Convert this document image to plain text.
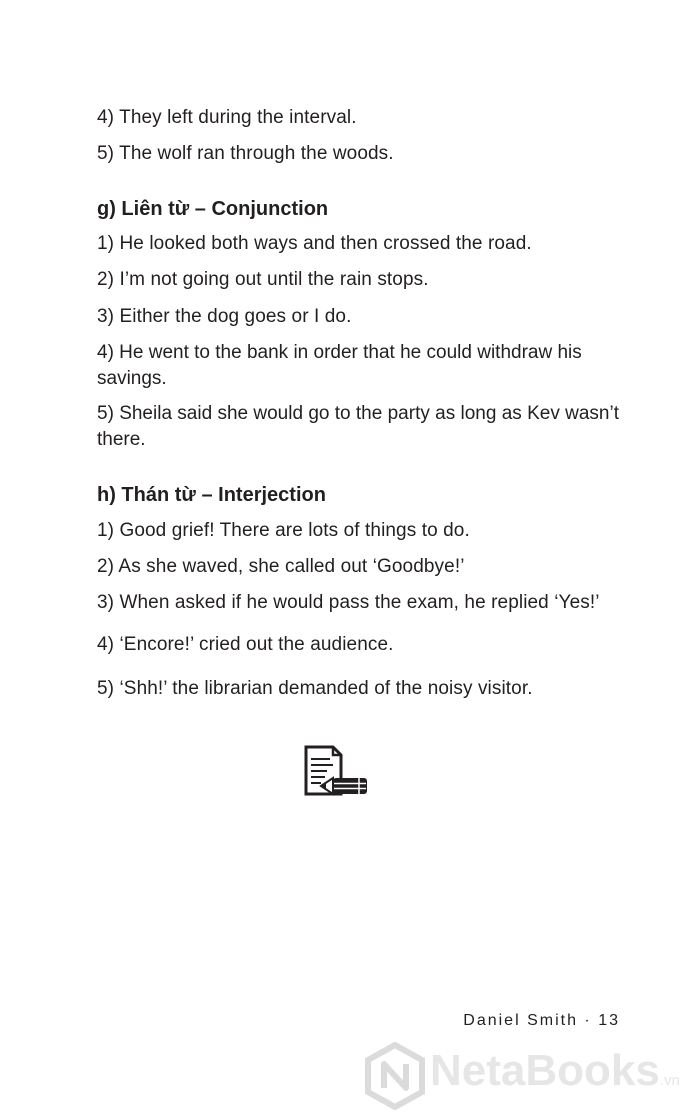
4) They left during the interval.
5) The wolf ran through the woods.
g) Liên từ – Conjunction
1) He looked both ways and then crossed the road.
2) I’m not going out until the rain stops.
3) Either the dog goes or I do.
4) He went to the bank in order that he could withdraw his savings.
5) Sheila said she would go to the party as long as Kev wasn’t there.
h) Thán từ – Interjection
1) Good grief! There are lots of things to do.
2) As she waved, she called out ‘Goodbye!’
3) When asked if he would pass the exam, he replied ‘Yes!’
4) ‘Encore!’ cried out the audience.
5) ‘Shh!’ the librarian demanded of the noisy visitor.
Daniel Smith · 13
NetaBooks.vn
